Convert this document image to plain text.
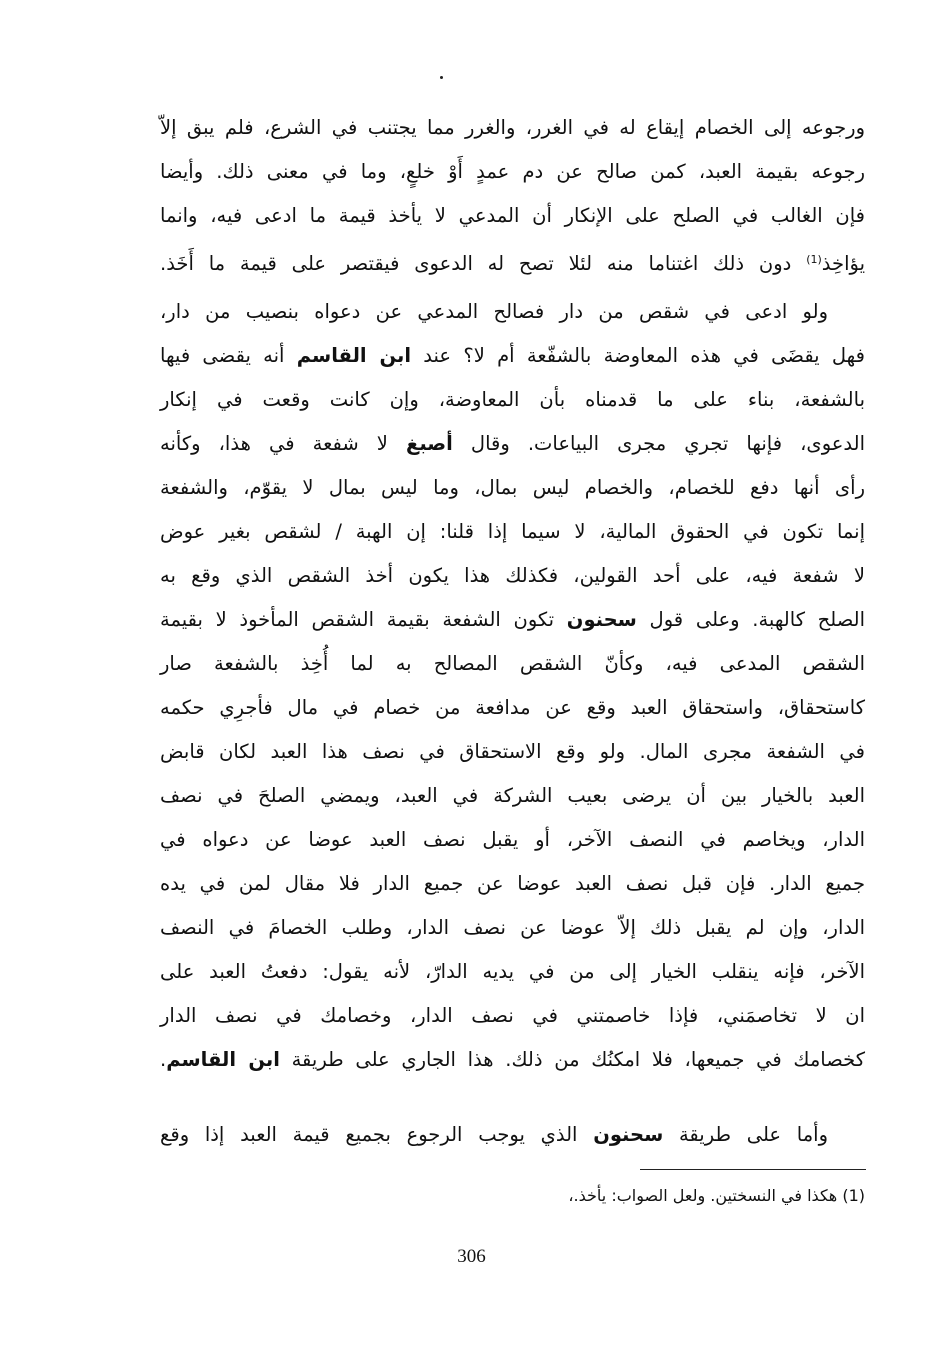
ورجوعه إلى الخصام إيقاع له في الغرر، والغرر مما يجتنب في الشرع، فلم يبق إلاّ
رجوعه بقيمة العبد، كمن صالح عن دم عمدٍ أَوْ خلعٍ، وما في معنى ذلك. وأيضا
فإن الغالب في الصلح على الإنكار أن المدعي لا يأخذ قيمة ما ادعى فيه، وانما
يؤاخِذ$^{(1)}$ دون ذلك اغتناما منه لئلا تصح له الدعوى فيقتصر على قيمة ما أَخَذ.
ولو ادعى في شقص من دار فصالح المدعي عن دعواه بنصيب من دار،
فهل يقضَى في هذه المعاوضة بالشفّعة أم لا؟ عند ابن القاسم أنه يقضى فيها
بالشفعة، بناء على ما قدمناه بأن المعاوضة، وإن كانت وقعت في إنكار
الدعوى، فإنها تجري مجرى البياعات. وقال أصبغ لا شفعة في هذا، وكأنه
رأى أنها دفع للخصام، والخصام ليس بمال، وما ليس بمال لا يقوّم، والشفعة
إنما تكون في الحقوق المالية، لا سيما إذا قلنا: إن الهبة / لشقص بغير عوض
لا شفعة فيه، على أحد القولين، فكذلك هذا يكون أخذ الشقص الذي وقع به
الصلح كالهبة. وعلى قول سحنون تكون الشفعة بقيمة الشقص المأخوذ لا بقيمة
الشقص المدعى فيه، وكأنّ الشقص المصالح به لما أُخِذ بالشفعة صار
كاستحقاق، واستحقاق العبد وقع عن مدافعة من خصام في مال فأجرِي حكمه
في الشفعة مجرى المال. ولو وقع الاستحقاق في نصف هذا العبد لكان قابض
العبد بالخيار بين أن يرضى بعيب الشركة في العبد، ويمضي الصلحَ في نصف
الدار، ويخاصم في النصف الآخر، أو يقبل نصف العبد عوضا عن دعواه في
جميع الدار. فإن قبل نصف العبد عوضا عن جميع الدار فلا مقال لمن في يده
الدار، وإن لم يقبل ذلك إلاّ عوضا عن نصف الدار، وطلب الخصامَ في النصف
الآخر، فإنه ينقلب الخيار إلى من في يديه الدارّ، لأنه يقول: دفعتُ العبد على
ان لا تخاصمَني، فإذا خاصمتني في نصف الدار، وخصامك في نصف الدار
كخصامك في جميعها، فلا امكنُك من ذلك. هذا الجاري على طريقة ابن القاسم.
وأما على طريقة سحنون الذي يوجب الرجوع بجميع قيمة العبد إذا وقع
(1) هكذا في النسختين. ولعل الصواب: يأخذ.،
306
